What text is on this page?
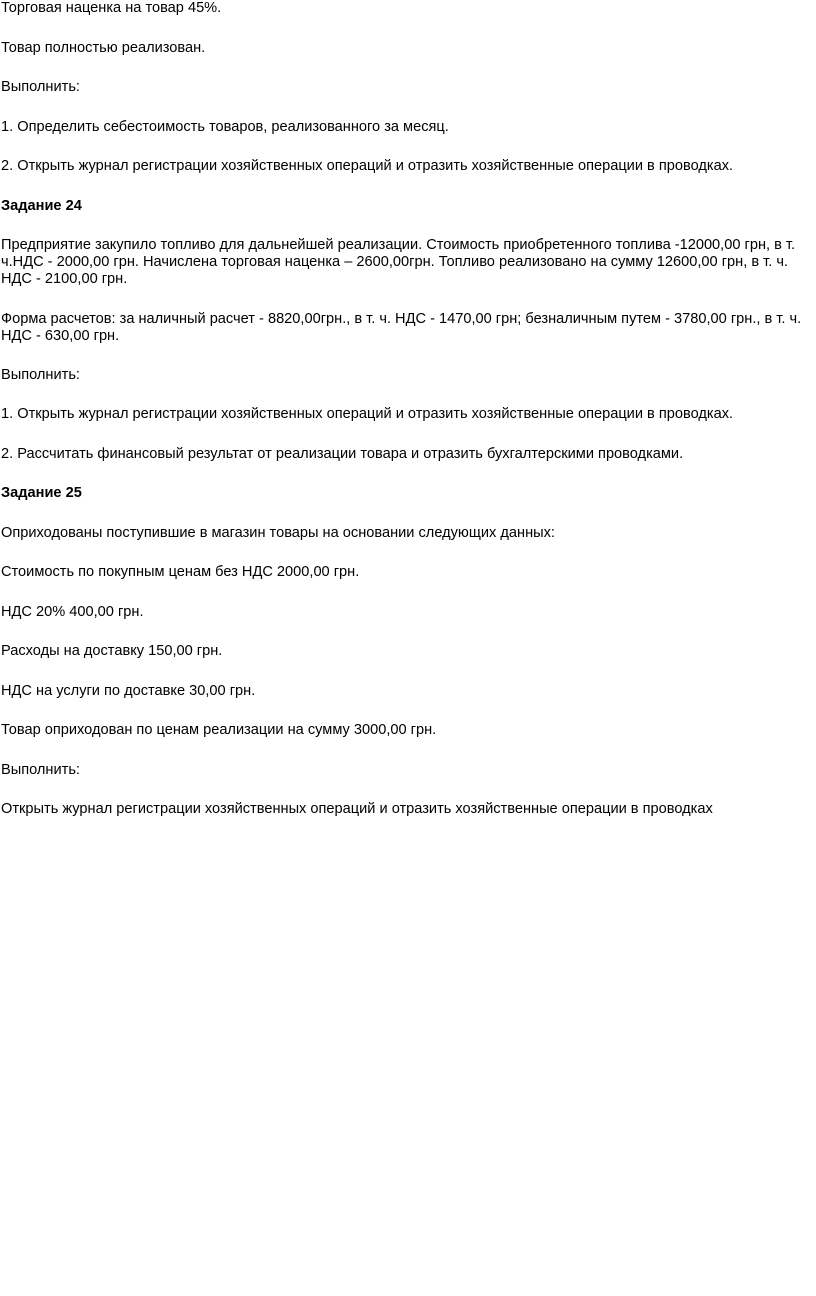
Торговая наценка на товар 45%.

Товар полностью реализован.

Выполнить:

1. Определить себестоимость товаров, реализованного за месяц.

2. Открыть журнал регистрации хозяйственных операций и отразить хозяйственные операции в проводках.

Задание 24

Предприятие закупило топливо для дальнейшей реализации. Стоимость приобретенного топлива -12000,00 грн, в т. ч.НДС - 2000,00 грн. Начислена торговая наценка – 2600,00грн. Топливо реализовано на сумму 12600,00 грн, в т. ч. НДС - 2100,00 грн.

Форма расчетов: за наличный расчет - 8820,00грн., в т. ч. НДС - 1470,00 грн; безналичным путем - 3780,00 грн., в т. ч. НДС - 630,00 грн.

Выполнить:

1. Открыть журнал регистрации хозяйственных операций и отразить хозяйственные операции в проводках.

2. Рассчитать финансовый результат от реализации товара и отразить бухгалтерскими проводками.

Задание 25

Оприходованы поступившие в магазин товары на основании следующих данных:

Стоимость по покупным ценам без НДС 2000,00 грн.

НДС 20% 400,00 грн.

Расходы на доставку 150,00 грн.

НДС на услуги по доставке 30,00 грн.

Товар оприходован по ценам реализации на сумму 3000,00 грн.

Выполнить:

Открыть журнал регистрации хозяйственных операций и отразить хозяйственные операции в проводках
